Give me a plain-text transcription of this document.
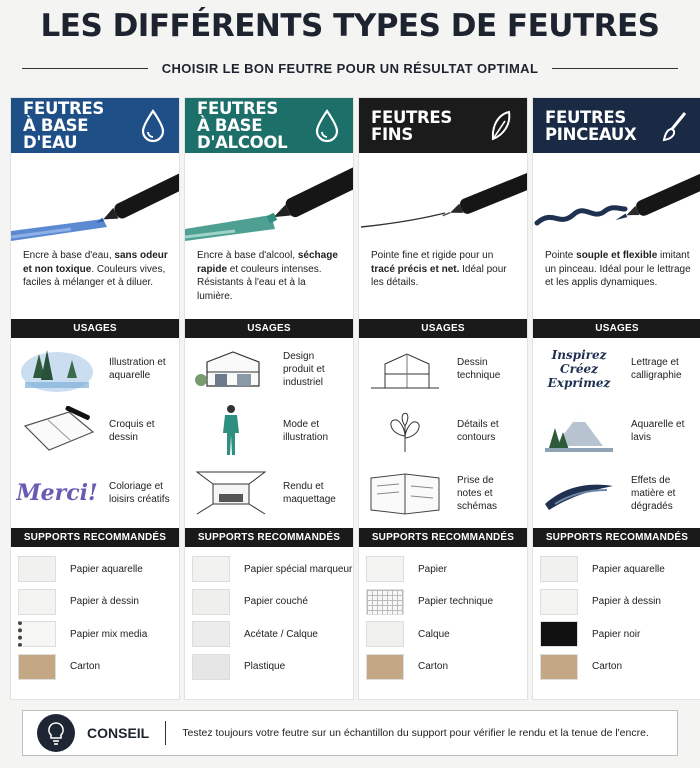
LES DIFFÉRENTS TYPES DE FEUTRES
CHOISIR LE BON FEUTRE POUR UN RÉSULTAT OPTIMAL
FEUTRES
À BASE D'EAU
Encre à base d'eau, sans odeur et non toxique. Couleurs vives, faciles à mélanger et à diluer.
USAGES
Illustration et aquarelle
Croquis et dessin
Merci!	Coloriage et loisirs créatifs
SUPPORTS RECOMMANDÉS
Papier aquarelle
Papier à dessin
Papier mix media
Carton
FEUTRES
À BASE D'ALCOOL
Encre à base d'alcool, séchage rapide et couleurs intenses. Résistants à l'eau et à la lumière.
USAGES
Design produit et industriel
Mode et illustration
Rendu et maquettage
SUPPORTS RECOMMANDÉS
Papier spécial marqueur
Papier couché
Acétate / Calque
Plastique
FEUTRES FINS
Pointe fine et rigide pour un tracé précis et net. Idéal pour les détails.
USAGES
Dessin technique
Détails et contours
Prise de notes et schémas
SUPPORTS RECOMMANDÉS
Papier
Papier technique
Calque
Carton
FEUTRES
PINCEAUX
Pointe souple et flexible imitant un pinceau. Idéal pour le lettrage et les applis dynamiques.
USAGES
Inspirez Créez Exprimez
Lettrage et calligraphie
Aquarelle et lavis
Effets de matière et dégradés
SUPPORTS RECOMMANDÉS
Papier aquarelle
Papier à dessin
Papier noir
Carton
CONSEIL	Testez toujours votre feutre sur un échantillon du support pour vérifier le rendu et la tenue de l'encre.
